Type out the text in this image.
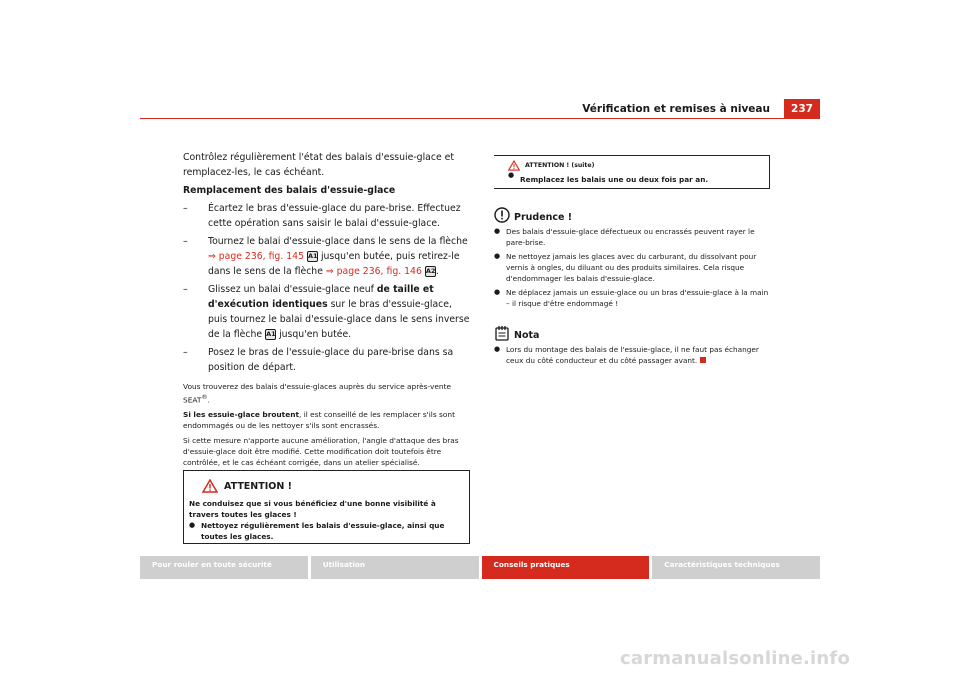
Vérification et remises à niveau	237

Contrôlez régulièrement l'état des balais d'essuie-glace et remplacez-les, le cas échéant.

Remplacement des balais d'essuie-glace

– Écartez le bras d'essuie-glace du pare-brise. Effectuez cette opération sans saisir le balai d'essuie-glace.
– Tournez le balai d'essuie-glace dans le sens de la flèche ⇒ page 236, fig. 145 A1 jusqu'en butée, puis retirez-le dans le sens de la flèche ⇒ page 236, fig. 146 A2.
– Glissez un balai d'essuie-glace neuf de taille et d'exécution identiques sur le bras d'essuie-glace, puis tournez le balai d'essuie-glace dans le sens inverse de la flèche A1 jusqu'en butée.
– Posez le bras de l'essuie-glace du pare-brise dans sa position de départ.

Vous trouverez des balais d'essuie-glaces auprès du service après-vente SEAT®.

Si les essuie-glace broutent, il est conseillé de les remplacer s'ils sont endommagés ou de les nettoyer s'ils sont encrassés.

Si cette mesure n'apporte aucune amélioration, l'angle d'attaque des bras d'essuie-glace doit être modifié. Cette modification doit toutefois être contrôlée, et le cas échéant corrigée, dans un atelier spécialisé.

ATTENTION !
Ne conduisez que si vous bénéficiez d'une bonne visibilité à travers toutes les glaces !
● Nettoyez régulièrement les balais d'essuie-glace, ainsi que toutes les glaces.
ATTENTION ! (suite)
● Remplacez les balais une ou deux fois par an.
Prudence !
● Des balais d'essuie-glace défectueux ou encrassés peuvent rayer le pare-brise.
● Ne nettoyez jamais les glaces avec du carburant, du dissolvant pour vernis à ongles, du diluant ou des produits similaires. Cela risque d'endommager les balais d'essuie-glace.
● Ne déplacez jamais un essuie-glace ou un bras d'essuie-glace à la main – il risque d'être endommagé !
Nota
● Lors du montage des balais de l'essuie-glace, il ne faut pas échanger ceux du côté conducteur et du côté passager avant.
Pour rouler en toute sécurité	Utilisation	Conseils pratiques	Caractéristiques techniques
carmanualsonline.info
